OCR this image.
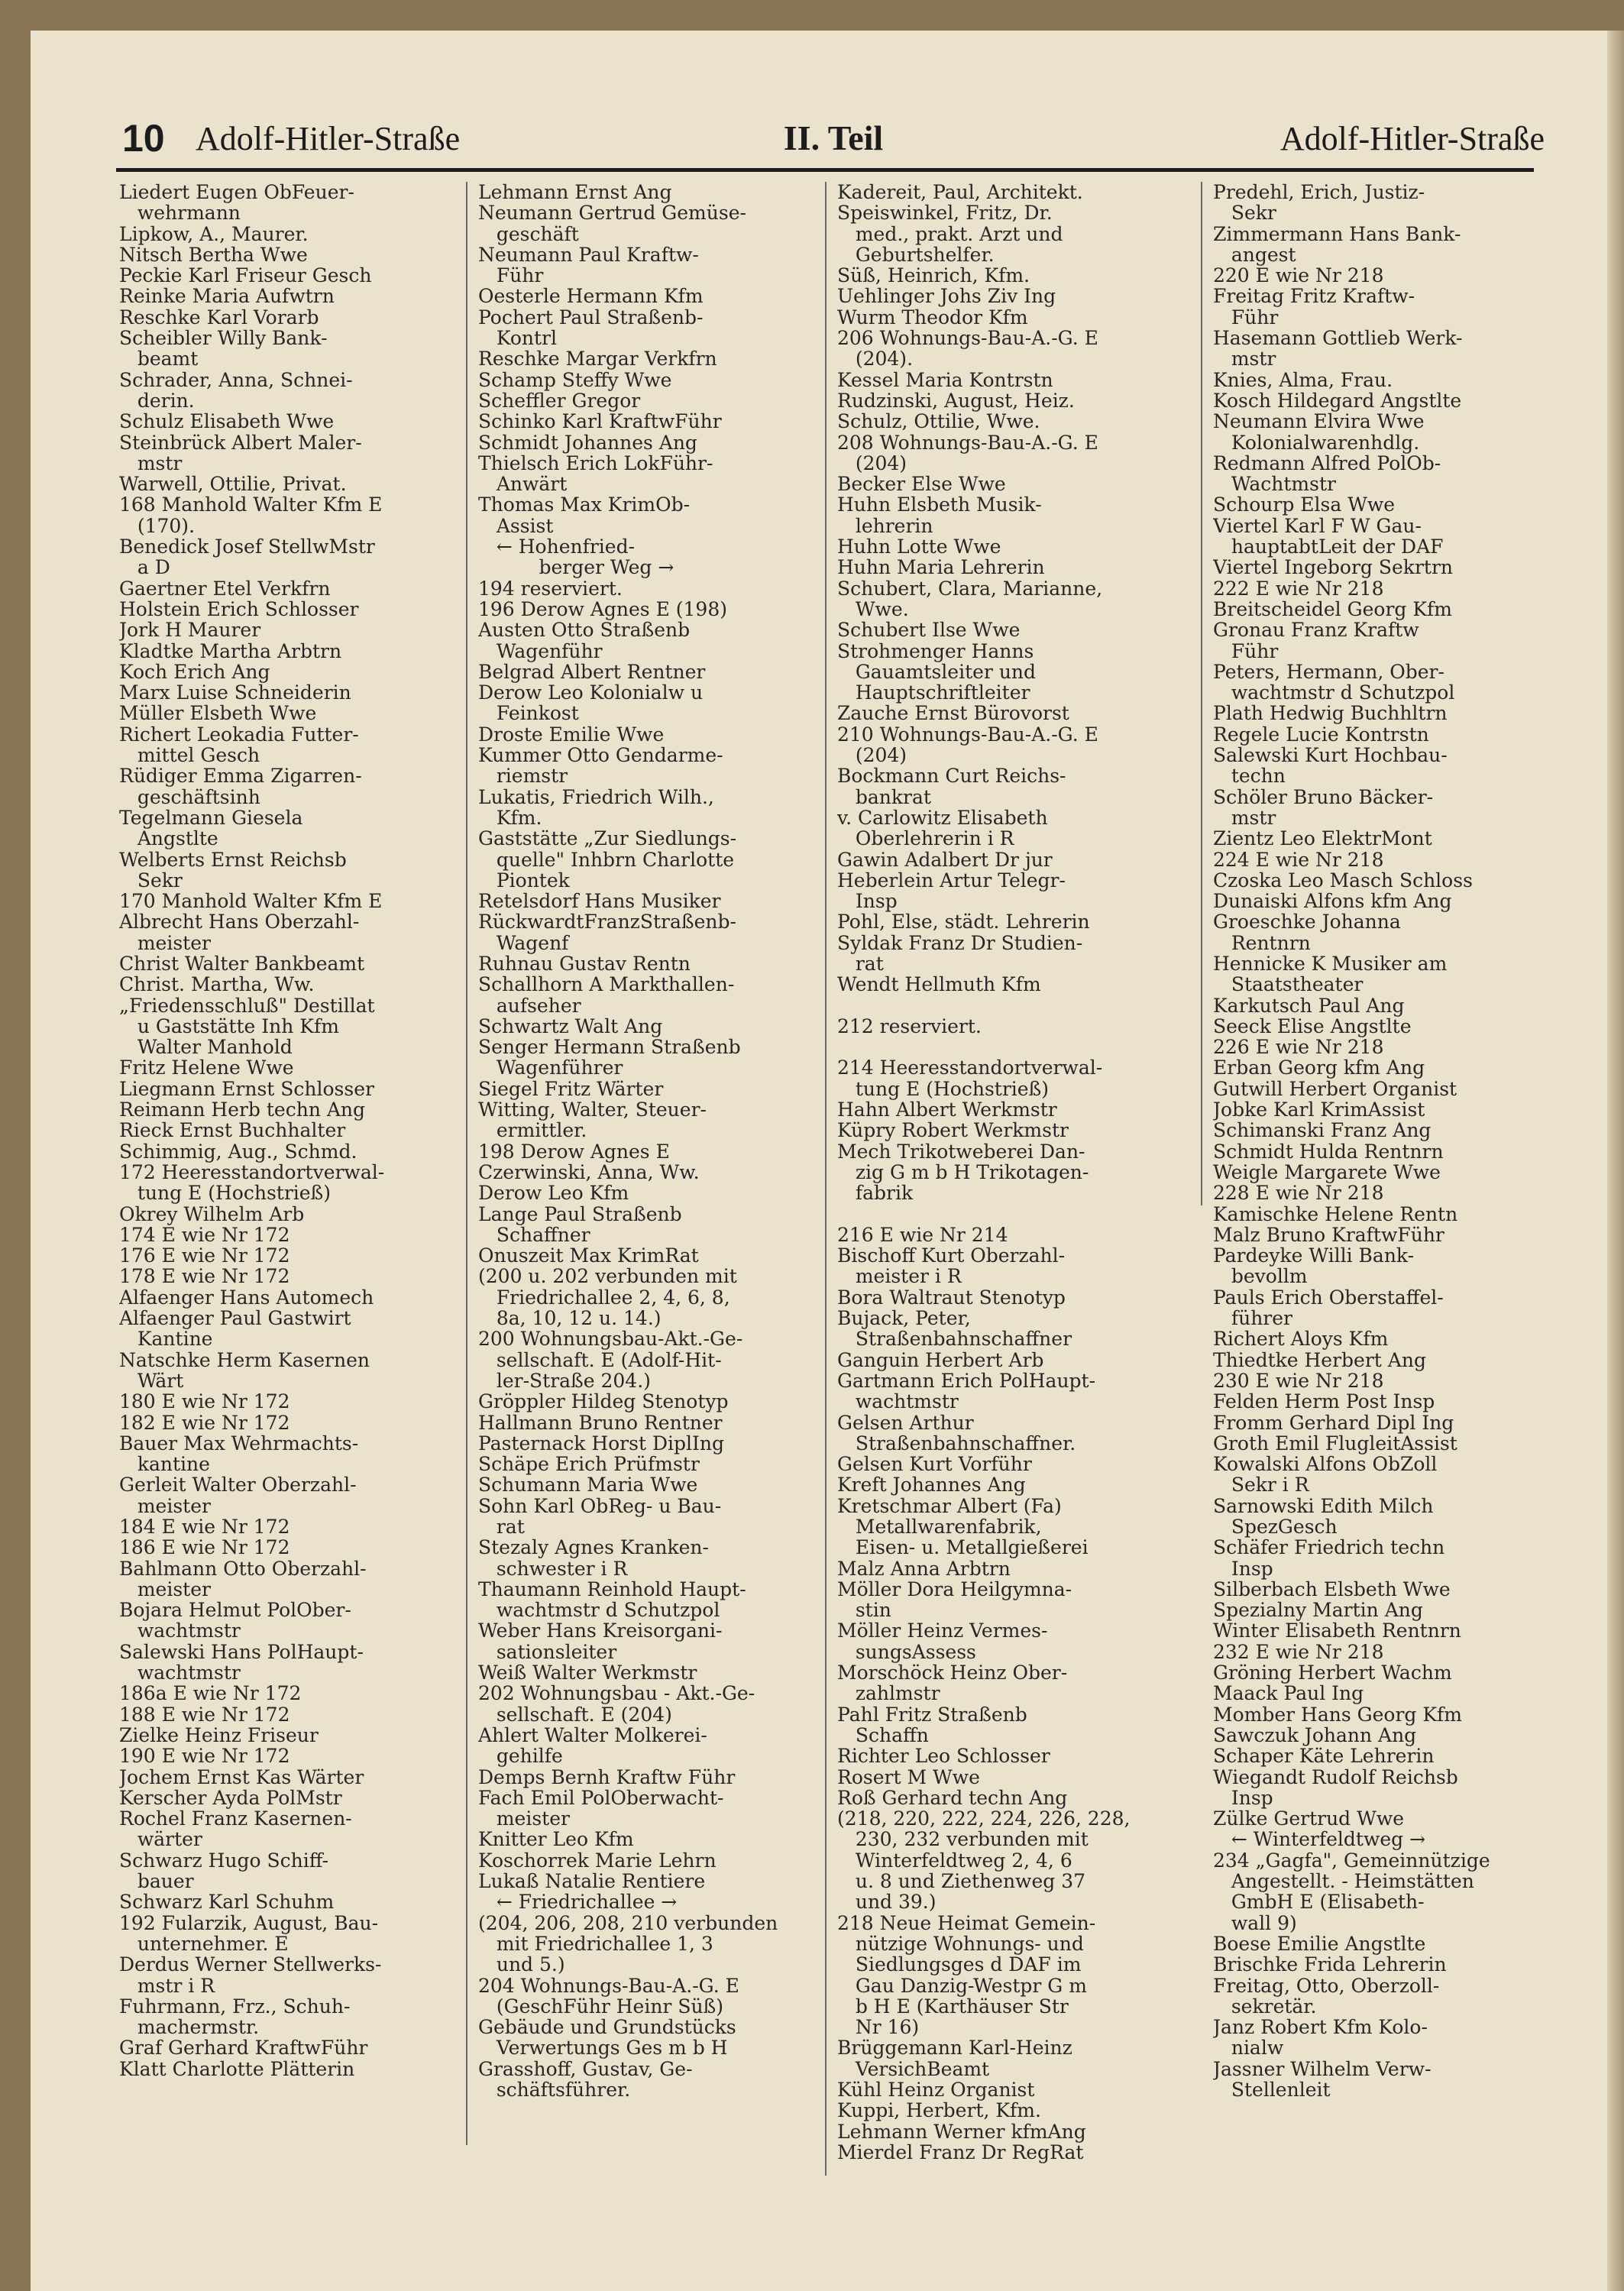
10 Adolf-Hitler-Straße	II. Teil	Adolf-Hitler-Straße
Liedert Eugen ObFeuer-
wehrmann
Lipkow, A., Maurer.
Nitsch Bertha Wwe
Peckie Karl Friseur Gesch
Reinke Maria Aufwtrn
Reschke Karl Vorarb
Scheibler Willy Bank-
beamt
Schrader, Anna, Schnei-
derin.
Schulz Elisabeth Wwe
Steinbrück Albert Maler-
mstr
Warwell, Ottilie, Privat.
168 Manhold Walter Kfm E
(170).
Benedick Josef StellwMstr
a D
Gaertner Etel Verkfrn
Holstein Erich Schlosser
Jork H Maurer
Kladtke Martha Arbtrn
Koch Erich Ang
Marx Luise Schneiderin
Müller Elsbeth Wwe
Richert Leokadia Futter-
mittel Gesch
Rüdiger Emma Zigarren-
geschäftsinh
Tegelmann Giesela
Angstlte
Welberts Ernst Reichsb
Sekr
170 Manhold Walter Kfm E
Albrecht Hans Oberzahl-
meister
Christ Walter Bankbeamt
Christ. Martha, Ww.
„Friedensschluß" Destillat
u Gaststätte Inh Kfm
Walter Manhold
Fritz Helene Wwe
Liegmann Ernst Schlosser
Reimann Herb techn Ang
Rieck Ernst Buchhalter
Schimmig, Aug., Schmd.
172 Heeresstandortverwal-
tung E (Hochstrieß)
Okrey Wilhelm Arb
174 E wie Nr 172
176 E wie Nr 172
178 E wie Nr 172
Alfaenger Hans Automech
Alfaenger Paul Gastwirt
Kantine
Natschke Herm Kasernen
Wärt
180 E wie Nr 172
182 E wie Nr 172
Bauer Max Wehrmachts-
kantine
Gerleit Walter Oberzahl-
meister
184 E wie Nr 172
186 E wie Nr 172
Bahlmann Otto Oberzahl-
meister
Bojara Helmut PolOber-
wachtmstr
Salewski Hans PolHaupt-
wachtmstr
186a E wie Nr 172
188 E wie Nr 172
Zielke Heinz Friseur
190 E wie Nr 172
Jochem Ernst Kas Wärter
Kerscher Ayda PolMstr
Rochel Franz Kasernen-
wärter
Schwarz Hugo Schiff-
bauer
Schwarz Karl Schuhm
192 Fularzik, August, Bau-
unternehmer. E
Derdus Werner Stellwerks-
mstr i R
Fuhrmann, Frz., Schuh-
machermstr.
Graf Gerhard KraftwFühr
Klatt Charlotte Plätterin
Lehmann Ernst Ang
Neumann Gertrud Gemüse-
geschäft
Neumann Paul Kraftw-
Führ
Oesterle Hermann Kfm
Pochert Paul Straßenb-
Kontrl
Reschke Margar Verkfrn
Schamp Steffy Wwe
Scheffler Gregor
Schinko Karl KraftwFühr
Schmidt Johannes Ang
Thielsch Erich LokFühr-
Anwärt
Thomas Max KrimOb-
Assist
← Hohenfried-
berger Weg →
194 reserviert.
196 Derow Agnes E (198)
Austen Otto Straßenb
Wagenführ
Belgrad Albert Rentner
Derow Leo Kolonialw u
Feinkost
Droste Emilie Wwe
Kummer Otto Gendarme-
riemstr
Lukatis, Friedrich Wilh.,
Kfm.
Gaststätte „Zur Siedlungs-
quelle" Inhbrn Charlotte
Piontek
Retelsdorf Hans Musiker
RückwardtFranzStraßenb-
Wagenf
Ruhnau Gustav Rentn
Schallhorn A Markthallen-
aufseher
Schwartz Walt Ang
Senger Hermann Straßenb
Wagenführer
Siegel Fritz Wärter
Witting, Walter, Steuer-
ermittler.
198 Derow Agnes E
Czerwinski, Anna, Ww.
Derow Leo Kfm
Lange Paul Straßenb
Schaffner
Onuszeit Max KrimRat
(200 u. 202 verbunden mit
Friedrichallee 2, 4, 6, 8,
8a, 10, 12 u. 14.)
200 Wohnungsbau-Akt.-Ge-
sellschaft. E (Adolf-Hit-
ler-Straße 204.)
Gröppler Hildeg Stenotyp
Hallmann Bruno Rentner
Pasternack Horst DiplIng
Schäpe Erich Prüfmstr
Schumann Maria Wwe
Sohn Karl ObReg- u Bau-
rat
Stezaly Agnes Kranken-
schwester i R
Thaumann Reinhold Haupt-
wachtmstr d Schutzpol
Weber Hans Kreisorgani-
sationsleiter
Weiß Walter Werkmstr
202 Wohnungsbau - Akt.-Ge-
sellschaft. E (204)
Ahlert Walter Molkerei-
gehilfe
Demps Bernh Kraftw Führ
Fach Emil PolOberwacht-
meister
Knitter Leo Kfm
Koschorrek Marie Lehrn
Lukaß Natalie Rentiere
← Friedrichallee →
(204, 206, 208, 210 verbunden
mit Friedrichallee 1, 3
und 5.)
204 Wohnungs-Bau-A.-G. E
(GeschFühr Heinr Süß)
Gebäude und Grundstücks
Verwertungs Ges m b H
Grasshoff, Gustav, Ge-
schäftsführer.
Kadereit, Paul, Architekt.
Speiswinkel, Fritz, Dr.
med., prakt. Arzt und
Geburtshelfer.
Süß, Heinrich, Kfm.
Uehlinger Johs Ziv Ing
Wurm Theodor Kfm
206 Wohnungs-Bau-A.-G. E
(204).
Kessel Maria Kontrstn
Rudzinski, August, Heiz.
Schulz, Ottilie, Wwe.
208 Wohnungs-Bau-A.-G. E
(204)
Becker Else Wwe
Huhn Elsbeth Musik-
lehrerin
Huhn Lotte Wwe
Huhn Maria Lehrerin
Schubert, Clara, Marianne,
Wwe.
Schubert Ilse Wwe
Strohmenger Hanns
Gauamtsleiter und
Hauptschriftleiter
Zauche Ernst Bürovorst
210 Wohnungs-Bau-A.-G. E
(204)
Bockmann Curt Reichs-
bankrat
v. Carlowitz Elisabeth
Oberlehrerin i R
Gawin Adalbert Dr jur
Heberlein Artur Telegr-
Insp
Pohl, Else, städt. Lehrerin
Syldak Franz Dr Studien-
rat
Wendt Hellmuth Kfm
212 reserviert.
214 Heeresstandortverwal-
tung E (Hochstrieß)
Hahn Albert Werkmstr
Küpry Robert Werkmstr
Mech Trikotweberei Dan-
zig G m b H Trikotagen-
fabrik
216 E wie Nr 214
Bischoff Kurt Oberzahl-
meister i R
Bora Waltraut Stenotyp
Bujack, Peter,
Straßenbahnschaffner
Ganguin Herbert Arb
Gartmann Erich PolHaupt-
wachtmstr
Gelsen Arthur
Straßenbahnschaffner.
Gelsen Kurt Vorführ
Kreft Johannes Ang
Kretschmar Albert (Fa)
Metallwarenfabrik,
Eisen- u. Metallgießerei
Malz Anna Arbtrn
Möller Dora Heilgymna-
stin
Möller Heinz Vermes-
sungsAssess
Morschöck Heinz Ober-
zahlmstr
Pahl Fritz Straßenb
Schaffn
Richter Leo Schlosser
Rosert M Wwe
Roß Gerhard techn Ang
(218, 220, 222, 224, 226, 228,
230, 232 verbunden mit
Winterfeldtweg 2, 4, 6
u. 8 und Ziethenweg 37
und 39.)
218 Neue Heimat Gemein-
nützige Wohnungs- und
Siedlungsges d DAF im
Gau Danzig-Westpr G m
b H E (Karthäuser Str
Nr 16)
Brüggemann Karl-Heinz
VersichBeamt
Kühl Heinz Organist
Kuppi, Herbert, Kfm.
Lehmann Werner kfmAng
Mierdel Franz Dr RegRat
Predehl, Erich, Justiz-
Sekr
Zimmermann Hans Bank-
angest
220 E wie Nr 218
Freitag Fritz Kraftw-
Führ
Hasemann Gottlieb Werk-
mstr
Knies, Alma, Frau.
Kosch Hildegard Angstlte
Neumann Elvira Wwe
Kolonialwarenhdlg.
Redmann Alfred PolOb-
Wachtmstr
Schourp Elsa Wwe
Viertel Karl F W Gau-
hauptabtLeit der DAF
Viertel Ingeborg Sekrtrn
222 E wie Nr 218
Breitscheidel Georg Kfm
Gronau Franz Kraftw
Führ
Peters, Hermann, Ober-
wachtmstr d Schutzpol
Plath Hedwig Buchhltrn
Regele Lucie Kontrstn
Salewski Kurt Hochbau-
techn
Schöler Bruno Bäcker-
mstr
Zientz Leo ElektrMont
224 E wie Nr 218
Czoska Leo Masch Schloss
Dunaiski Alfons kfm Ang
Groeschke Johanna
Rentnrn
Hennicke K Musiker am
Staatstheater
Karkutsch Paul Ang
Seeck Elise Angstlte
226 E wie Nr 218
Erban Georg kfm Ang
Gutwill Herbert Organist
Jobke Karl KrimAssist
Schimanski Franz Ang
Schmidt Hulda Rentnrn
Weigle Margarete Wwe
228 E wie Nr 218
Kamischke Helene Rentn
Malz Bruno KraftwFühr
Pardeyke Willi Bank-
bevollm
Pauls Erich Oberstaffel-
führer
Richert Aloys Kfm
Thiedtke Herbert Ang
230 E wie Nr 218
Felden Herm Post Insp
Fromm Gerhard Dipl Ing
Groth Emil FlugleitAssist
Kowalski Alfons ObZoll
Sekr i R
Sarnowski Edith Milch
SpezGesch
Schäfer Friedrich techn
Insp
Silberbach Elsbeth Wwe
Spezialny Martin Ang
Winter Elisabeth Rentnrn
232 E wie Nr 218
Gröning Herbert Wachm
Maack Paul Ing
Momber Hans Georg Kfm
Sawczuk Johann Ang
Schaper Käte Lehrerin
Wiegandt Rudolf Reichsb
Insp
Zülke Gertrud Wwe
← Winterfeldtweg →
234 „Gagfa", Gemeinnützige
Angestellt. - Heimstätten
GmbH E (Elisabeth-
wall 9)
Boese Emilie Angstlte
Brischke Frida Lehrerin
Freitag, Otto, Oberzoll-
sekretär.
Janz Robert Kfm Kolo-
nialw
Jassner Wilhelm Verw-
Stellenleit
